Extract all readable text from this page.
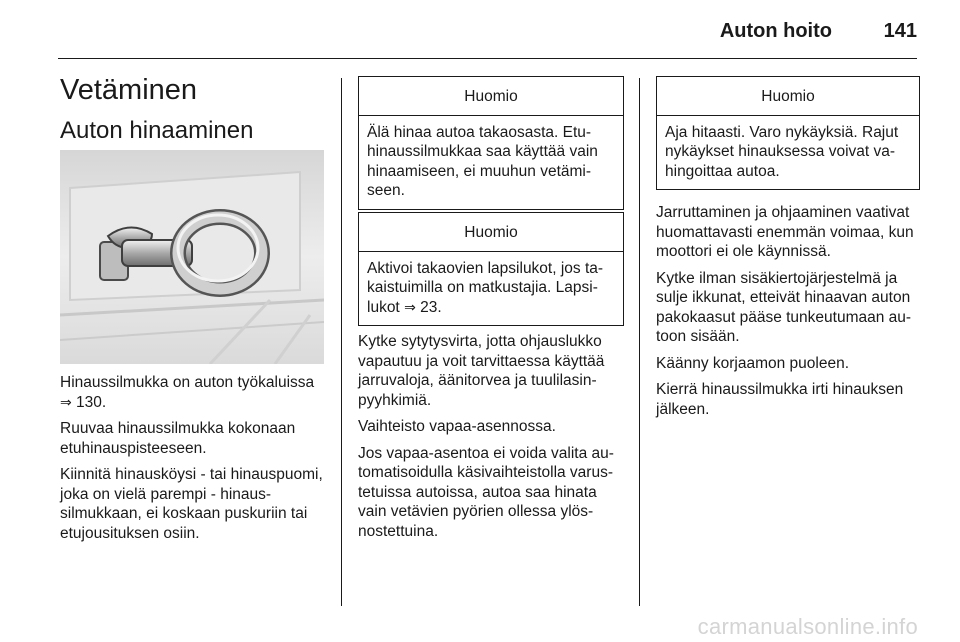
Auton hoito	141
Vetäminen
Auton hinaaminen

Hinaussilmukka on auton työkaluissa
⇒ 130.

Ruuvaa hinaussilmukka kokonaan etuhinauspisteeseen.

Kiinnitä hinausköysi - tai hinauspuomi, joka on vielä parempi - hinaussilmukkaan, ei koskaan puskuriin tai etujousituksen osiin.

Huomio
Älä hinaa autoa takaosasta. Etuhinaussilmukkaa saa käyttää vain hinaamiseen, ei muuhun vetämiseen.
Huomio
Aktivoi takaovien lapsilukot, jos takaistuimilla on matkustajia. Lapsilukot ⇒ 23.

Kytke sytytysvirta, jotta ohjauslukko vapautuu ja voit tarvittaessa käyttää jarruvaloja, äänitorvea ja tuulilasinpyyhkimiä.

Vaihteisto vapaa-asennossa.

Jos vapaa-asentoa ei voida valita automatisoidulla käsivaihteistolla varustetuissa autoissa, autoa saa hinata vain vetävien pyörien ollessa ylösnostettuina.

Huomio
Aja hitaasti. Varo nykäyksiä. Rajut nykäykset hinauksessa voivat vahingoittaa autoa.

Jarruttaminen ja ohjaaminen vaativat huomattavasti enemmän voimaa, kun moottori ei ole käynnissä.

Kytke ilman sisäkiertojärjestelmä ja sulje ikkunat, etteivät hinaavan auton pakokaasut pääse tunkeutumaan autoon sisään.

Käänny korjaamon puoleen.

Kierrä hinaussilmukka irti hinauksen jälkeen.

carmanualsonline.info
